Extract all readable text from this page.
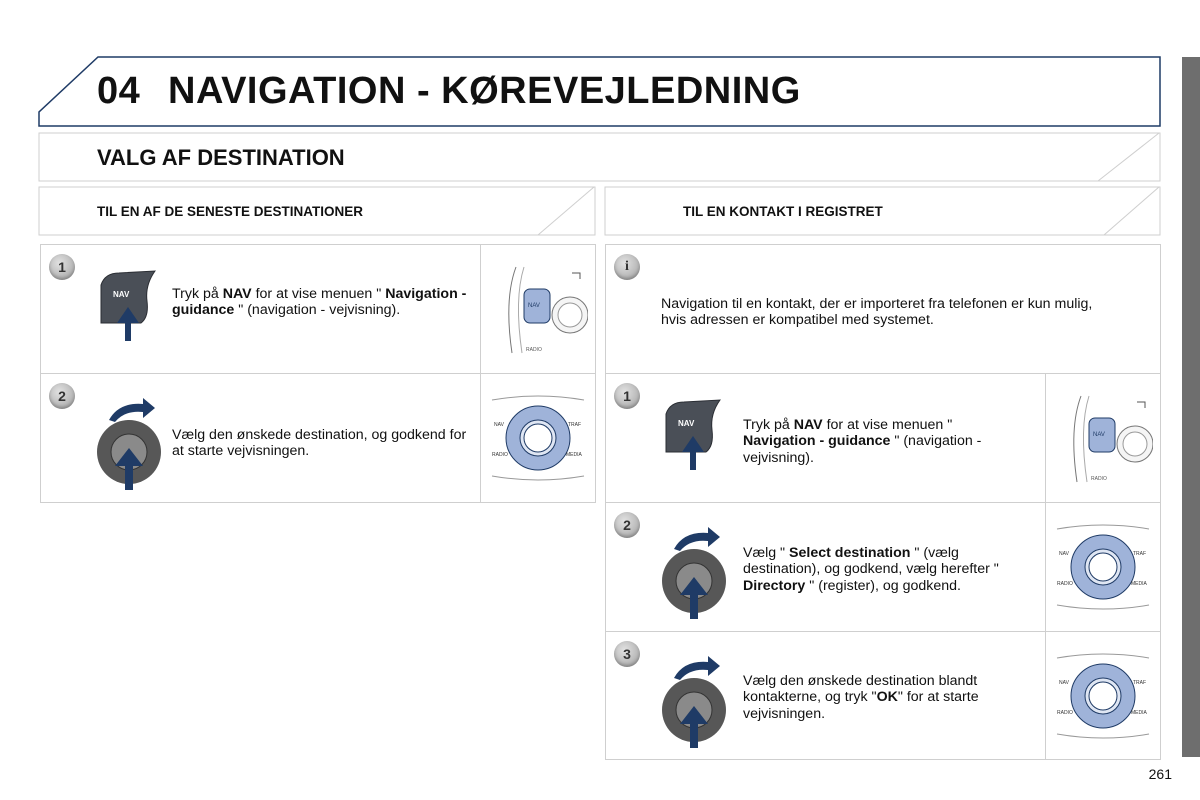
04 NAVIGATION - KØREVEJLEDNING
VALG AF DESTINATION
TIL EN AF DE SENESTE DESTINATIONER	TIL EN KONTAKT I REGISTRET
1
NAV	Tryk på NAV for at vise menuen " Navigation - guidance " (navigation - vejvisning).	NAV
RADIO
2
Vælg den ønskede destination, og godkend for at starte vejvisningen.
NAV	TRAF
RADIO	MEDIA
i
Navigation til en kontakt, der er importeret fra telefonen er kun mulig, hvis adressen er kompatibel med systemet.
1
NAV	Tryk på NAV for at vise menuen " Navigation - guidance " (navigation - vejvisning).
NAV
RADIO
2
Vælg " Select destination " (vælg destination), og godkend, vælg herefter " Directory " (register), og godkend.
NAV	TRAF
RADIO	MEDIA
3
Vælg den ønskede destination blandt kontakterne, og tryk "OK" for at starte vejvisningen.
NAV	TRAF
RADIO	MEDIA
261
